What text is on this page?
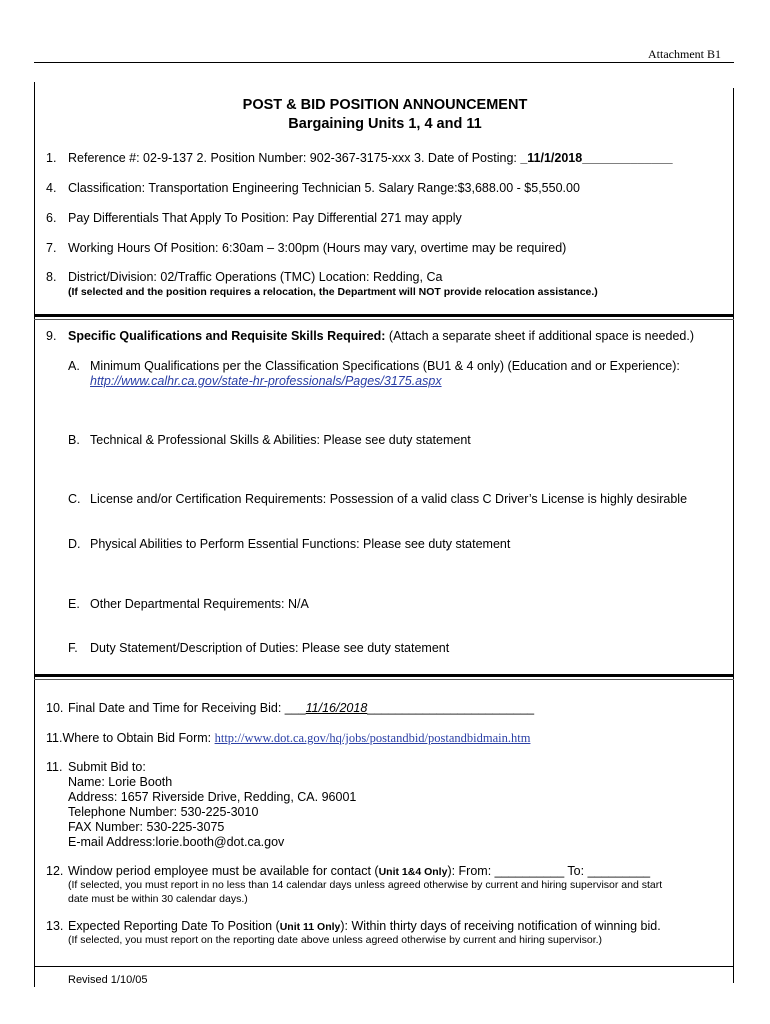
Attachment B1
POST & BID POSITION ANNOUNCEMENT
Bargaining Units 1, 4 and 11
1. Reference #: 02-9-137 2. Position Number: 902-367-3175-xxx 3. Date of Posting: _11/1/2018_____________
4. Classification: Transportation Engineering Technician 5. Salary Range:$3,688.00 - $5,550.00
6. Pay Differentials That Apply To Position: Pay Differential 271 may apply
7. Working Hours Of Position: 6:30am – 3:00pm (Hours may vary, overtime may be required)
8. District/Division: 02/Traffic Operations (TMC) Location: Redding, Ca
(If selected and the position requires a relocation, the Department will NOT provide relocation assistance.)
9. Specific Qualifications and Requisite Skills Required: (Attach a separate sheet if additional space is needed.)
A. Minimum Qualifications per the Classification Specifications (BU1 & 4 only) (Education and or Experience):
http://www.calhr.ca.gov/state-hr-professionals/Pages/3175.aspx
B. Technical & Professional Skills & Abilities: Please see duty statement
C. License and/or Certification Requirements: Possession of a valid class C Driver’s License is highly desirable
D. Physical Abilities to Perform Essential Functions: Please see duty statement
E. Other Departmental Requirements: N/A
F. Duty Statement/Description of Duties: Please see duty statement
10. Final Date and Time for Receiving Bid: ___11/16/2018________________________
11.Where to Obtain Bid Form: http://www.dot.ca.gov/hq/jobs/postandbid/postandbidmain.htm
11. Submit Bid to:
Name: Lorie Booth
Address: 1657 Riverside Drive, Redding, CA. 96001
Telephone Number: 530-225-3010
FAX Number: 530-225-3075
E-mail Address:lorie.booth@dot.ca.gov
12. Window period employee must be available for contact (Unit 1&4 Only): From: __________ To: _________
(If selected, you must report in no less than 14 calendar days unless agreed otherwise by current and hiring supervisor and start
date must be within 30 calendar days.)
13. Expected Reporting Date To Position (Unit 11 Only): Within thirty days of receiving notification of winning bid.
(If selected, you must report on the reporting date above unless agreed otherwise by current and hiring supervisor.)
Revised 1/10/05
